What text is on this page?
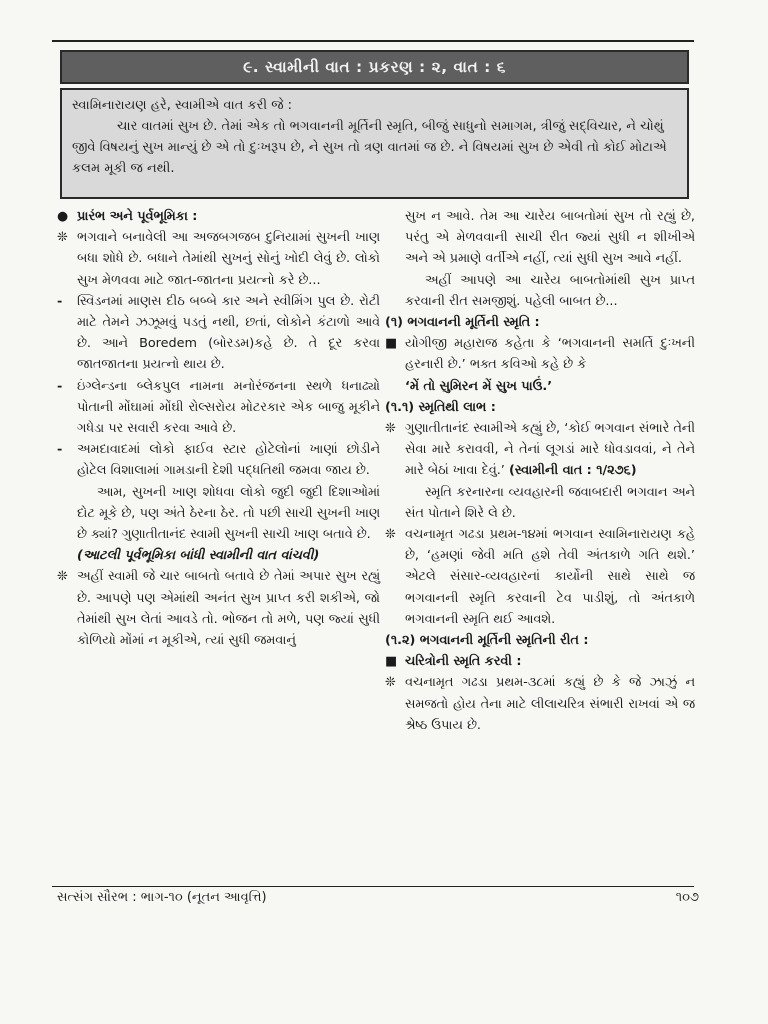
૯. સ્વામીની વાત : પ્રકરણ : ૨, વાત : ૬

સ્વામિનારાયણ હરે, સ્વામીએ વાત કરી જે :

ચાર વાતમાં સુખ છે. તેમાં એક તો ભગવાનની મૂર્તિની સ્મૃતિ, બીજું સાધુનો સમાગમ, ત્રીજું સદ્‌વિચાર, ને ચોથું જીવે વિષયનું સુખ માન્યું છે એ તો દુઃખરૂપ છે, ને સુખ તો ત્રણ વાતમાં જ છે. ને વિષયમાં સુખ છે એવી તો કોઈ મોટાએ કલમ મૂકી જ નથી.

● પ્રારંભ અને પૂર્વભૂમિકા :

❊ ભગવાને બનાવેલી આ અજબગજબ દુનિયામાં સુખની ખાણ બધા શોધે છે. બધાને તેમાંથી સુખનું સોનું ખોદી લેવું છે. લોકો સુખ મેળવવા માટે જાત-જાતના પ્રયત્નો કરે છે...

- સ્વિડનમાં માણસ દીઠ બબ્બે કાર અને સ્વીમિંગ પુલ છે. રોટી માટે તેમને ઝઝૂમવું પડતું નથી, છતાં, લોકોને કંટાળો આવે છે. આને Boredem (બોરડમ)કહે છે. તે દૂર કરવા જાતજાતના પ્રયત્નો થાય છે.

- ઇંગ્લેન્ડના બ્લેકપુલ નામના મનોરંજનના સ્થળે ધનાઢ્યો પોતાની મોંઘામાં મોંઘી રોલ્સરોય મોટરકાર એક બાજુ મૂકીને ગધેડા પર સવારી કરવા આવે છે.

- અમદાવાદમાં લોકો ફાઈવ સ્ટાર હોટેલોનાં ખાણાં છોડીને હોટેલ વિશાલામાં ગામડાની દેશી પદ્ધતિથી જમવા જાય છે.

આમ, સુખની ખાણ શોધવા લોકો જુદી જુદી દિશાઓમાં દોટ મૂકે છે, પણ અંતે ઠેરના ઠેર. તો પછી સાચી સુખની ખાણ છે ક્યાં? ગુણાતીતાનંદ સ્વામી સુખની સાચી ખાણ બતાવે છે.

(આટલી પૂર્વભૂમિકા બાંધી સ્વામીની વાત વાંચવી)

❊ અહીં સ્વામી જે ચાર બાબતો બતાવે છે તેમાં અપાર સુખ રહ્યું છે. આપણે પણ એમાંથી અનંત સુખ પ્રાપ્ત કરી શકીએ, જો તેમાંથી સુખ લેતાં આવડે તો. ભોજન તો મળે, પણ જ્યાં સુધી કોળિયો મોંમાં ન મૂકીએ, ત્યાં સુધી જમવાનું

સુખ ન આવે. તેમ આ ચારેય બાબતોમાં સુખ તો રહ્યું છે, પરંતુ એ મેળવવાની સાચી રીત જ્યાં સુધી ન શીખીએ અને એ પ્રમાણે વર્તીએ નહીં, ત્યાં સુધી સુખ આવે નહીં.

અહીં આપણે આ ચારેય બાબતોમાંથી સુખ પ્રાપ્ત કરવાની રીત સમજીશું. પહેલી બાબત છે...

(૧) ભગવાનની મૂર્તિની સ્મૃતિ :

■ યોગીજી મહારાજ કહેતા કે ‘ભગવાનની સમર્તિ દુઃખની હરનારી છે.’ ભક્ત કવિઓ કહે છે કે

‘મેં તો સુમિરન મેં સુખ પાઉં.’

(૧.૧) સ્મૃતિથી લાભ :

❊ ગુણાતીતાનંદ સ્વામીએ કહ્યું છે, ‘કોઈ ભગવાન સંભારે તેની સેવા મારે કરાવવી, ને તેનાં લૂગડાં મારે ધોવડાવવાં, ને તેને મારે બેઠાં ખાવા દેવું.’ (સ્વામીની વાત : ૧/૨૭૬)

સ્મૃતિ કરનારના વ્યવહારની જવાબદારી ભગવાન અને સંત પોતાને શિરે લે છે.

❊ વચનામૃત ગઢડા પ્રથમ-૧૪માં ભગવાન સ્વામિનારાયણ કહે છે, ‘હમણાં જેવી મતિ હશે તેવી અંતકાળે ગતિ થશે.’ એટલે સંસાર-વ્યવહારનાં કાર્યોની સાથે સાથે જ ભગવાનની સ્મૃતિ કરવાની ટેવ પાડીશું, તો અંતકાળે ભગવાનની સ્મૃતિ થઈ આવશે.

(૧.૨) ભગવાનની મૂર્તિની સ્મૃતિની રીત :

■ ચરિત્રોની સ્મૃતિ કરવી :

❊ વચનામૃત ગઢડા પ્રથમ-૩૮માં કહ્યું છે કે જે ઝાઝું ન સમજતો હોય તેના માટે લીલાચરિત્ર સંભારી રાખવાં એ જ શ્રેષ્ઠ ઉપાય છે.

સત્સંગ સૌરભ : ભાગ-૧૦ (નૂતન આવૃત્તિ)	૧૦૭
